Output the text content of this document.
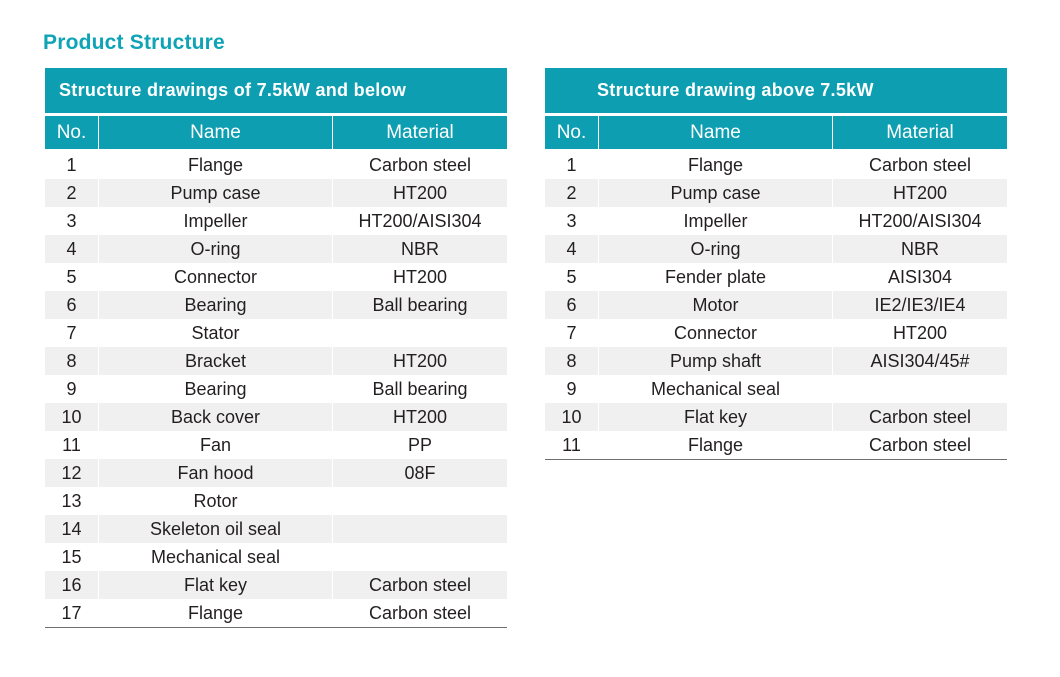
Product Structure
Structure drawings of 7.5kW and below
No.	Name	Material
1	Flange	Carbon steel
2	Pump case	HT200
3	Impeller	HT200/AISI304
4	O-ring	NBR
5	Connector	HT200
6	Bearing	Ball bearing
7	Stator
8	Bracket	HT200
9	Bearing	Ball bearing
10	Back cover	HT200
11	Fan	PP
12	Fan hood	08F
13	Rotor
14	Skeleton oil seal
15	Mechanical seal
16	Flat key	Carbon steel
17	Flange	Carbon steel
Structure drawing above 7.5kW
No.	Name	Material
1	Flange	Carbon steel
2	Pump case	HT200
3	Impeller	HT200/AISI304
4	O-ring	NBR
5	Fender plate	AISI304
6	Motor	IE2/IE3/IE4
7	Connector	HT200
8	Pump shaft	AISI304/45#
9	Mechanical seal
10	Flat key	Carbon steel
11	Flange	Carbon steel
